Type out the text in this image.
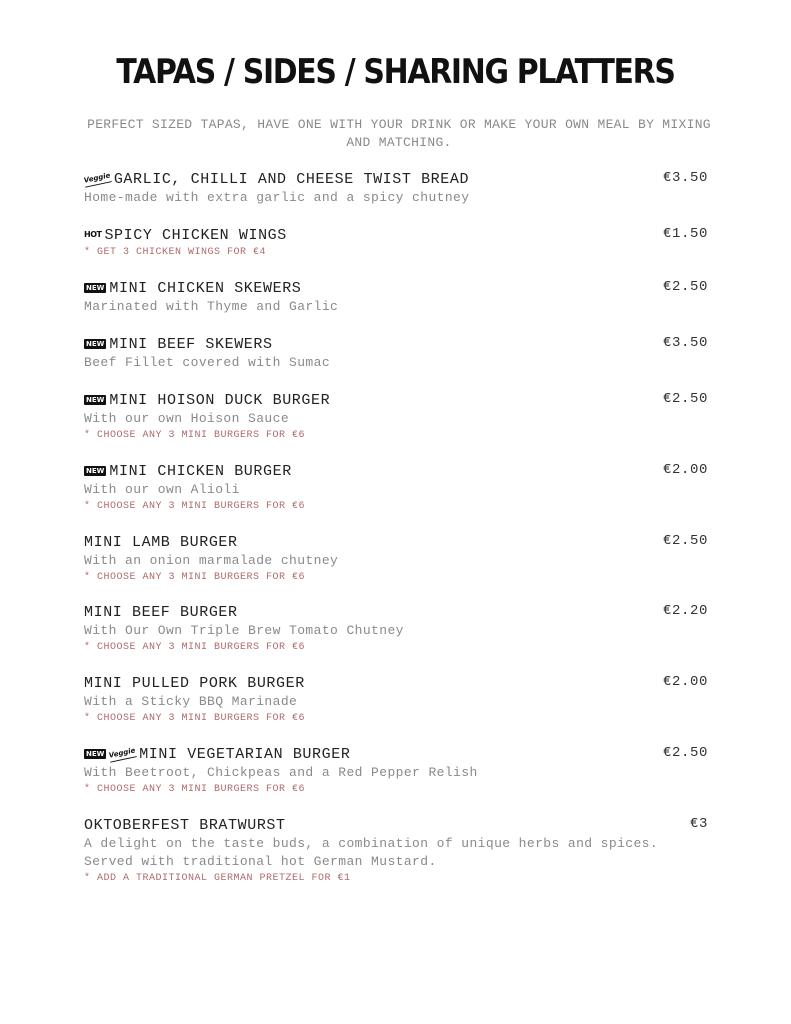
TAPAS / SIDES / SHARING PLATTERS

PERFECT SIZED TAPAS, HAVE ONE WITH YOUR DRINK OR MAKE YOUR OWN MEAL BY MIXING AND MATCHING.

Veggie GARLIC, CHILLI AND CHEESE TWIST BREAD	€3.50
Home-made with extra garlic and a spicy chutney
HOT SPICY CHICKEN WINGS	€1.50
* GET 3 CHICKEN WINGS FOR €4
NEW MINI CHICKEN SKEWERS	€2.50
Marinated with Thyme and Garlic
NEW MINI BEEF SKEWERS	€3.50
Beef Fillet covered with Sumac
NEW MINI HOISON DUCK BURGER	€2.50
With our own Hoison Sauce
* CHOOSE ANY 3 MINI BURGERS FOR €6
NEW MINI CHICKEN BURGER	€2.00
With our own Alioli
* CHOOSE ANY 3 MINI BURGERS FOR €6
MINI LAMB BURGER	€2.50
With an onion marmalade chutney
* CHOOSE ANY 3 MINI BURGERS FOR €6
MINI BEEF BURGER	€2.20
With Our Own Triple Brew Tomato Chutney
* CHOOSE ANY 3 MINI BURGERS FOR €6
MINI PULLED PORK BURGER	€2.00
With a Sticky BBQ Marinade
* CHOOSE ANY 3 MINI BURGERS FOR €6
NEW Veggie MINI VEGETARIAN BURGER	€2.50
With Beetroot, Chickpeas and a Red Pepper Relish
* CHOOSE ANY 3 MINI BURGERS FOR €6
OKTOBERFEST BRATWURST	€3
A delight on the taste buds, a combination of unique herbs and spices.
Served with traditional hot German Mustard.
* ADD A TRADITIONAL GERMAN PRETZEL FOR €1
